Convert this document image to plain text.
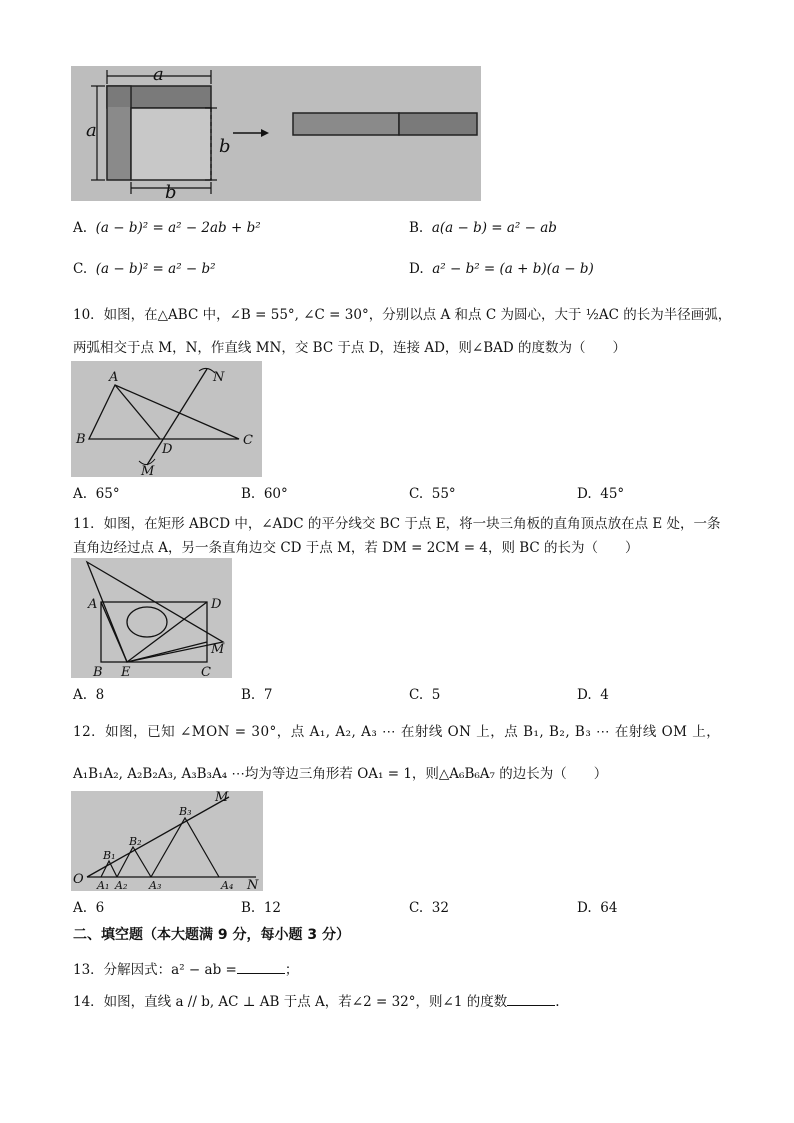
a
a
b
b
A. (a − b)² = a² − 2ab + b²	B. a(a − b) = a² − ab
C. (a − b)² = a² − b²	D. a² − b² = (a + b)(a − b)
10．如图，在△ABC 中，∠B = 55°, ∠C = 30°，分别以点 A 和点 C 为圆心，大于 ½AC 的长为半径画弧，
两弧相交于点 M，N，作直线 MN，交 BC 于点 D，连接 AD，则∠BAD 的度数为（　　）
A
B	C
D
M
N
A. 65°	B. 60°	C. 55°	D. 45°
11．如图，在矩形 ABCD 中，∠ADC 的平分线交 BC 于点 E，将一块三角板的直角顶点放在点 E 处，一条
直角边经过点 A，另一条直角边交 CD 于点 M，若 DM = 2CM = 4，则 BC 的长为（　　）
A	D
M
B E	C
A. 8	B. 7	C. 5	D. 4
12．如图，已知 ∠MON = 30°，点 A₁, A₂, A₃ ⋯ 在射线 ON 上，点 B₁, B₂, B₃ ⋯ 在射线 OM 上，
A₁B₁A₂, A₂B₂A₃, A₃B₃A₄ ⋯均为等边三角形若 OA₁ = 1，则△A₆B₆A₇ 的边长为（　　）
O
M
N
B₁
B₂
B₃
A₁ A₂ A₃	A₄
A. 6	B. 12	C. 32	D. 64
二、填空题（本大题满 9 分，每小题 3 分）
13．分解因式：a² − ab =	；
14．如图，直线 a // b, AC ⊥ AB 于点 A，若∠2 = 32°，则∠1 的度数	.
